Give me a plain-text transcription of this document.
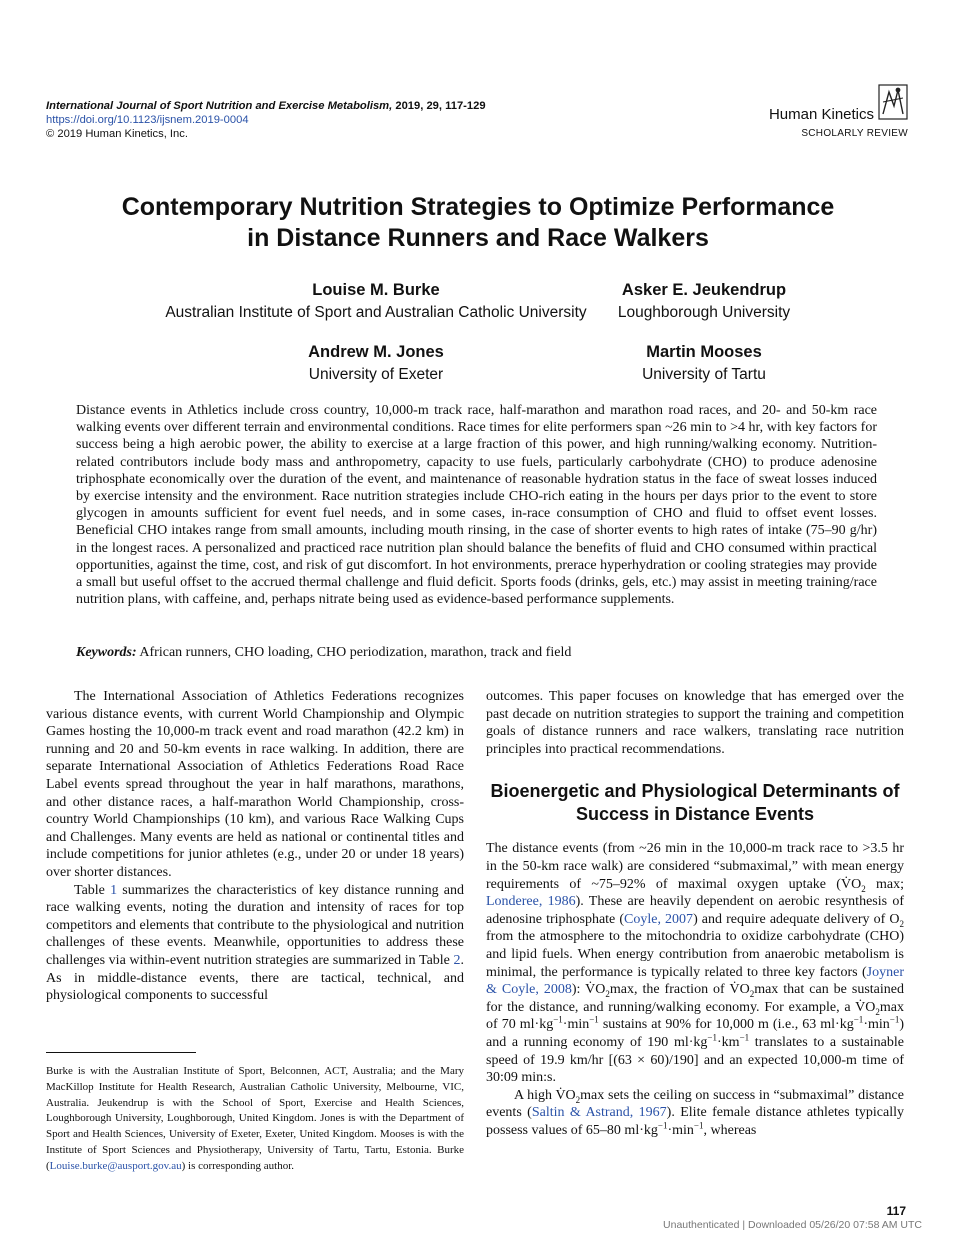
International Journal of Sport Nutrition and Exercise Metabolism, 2019, 29, 117-129
https://doi.org/10.1123/ijsnem.2019-0004
© 2019 Human Kinetics, Inc.
Human Kinetics
SCHOLARLY REVIEW
Contemporary Nutrition Strategies to Optimize Performance
in Distance Runners and Race Walkers
Louise M. Burke
Australian Institute of Sport and Australian Catholic University
Asker E. Jeukendrup
Loughborough University
Andrew M. Jones
University of Exeter
Martin Mooses
University of Tartu
Distance events in Athletics include cross country, 10,000-m track race, half-marathon and marathon road races, and 20- and 50-km race walking events over different terrain and environmental conditions. Race times for elite performers span ~26 min to >4 hr, with key factors for success being a high aerobic power, the ability to exercise at a large fraction of this power, and high running/walking economy. Nutrition-related contributors include body mass and anthropometry, capacity to use fuels, particularly carbohydrate (CHO) to produce adenosine triphosphate economically over the duration of the event, and maintenance of reasonable hydration status in the face of sweat losses induced by exercise intensity and the environment. Race nutrition strategies include CHO-rich eating in the hours per days prior to the event to store glycogen in amounts sufficient for event fuel needs, and in some cases, in-race consumption of CHO and fluid to offset event losses. Beneficial CHO intakes range from small amounts, including mouth rinsing, in the case of shorter events to high rates of intake (75–90 g/hr) in the longest races. A personalized and practiced race nutrition plan should balance the benefits of fluid and CHO consumed within practical opportunities, against the time, cost, and risk of gut discomfort. In hot environments, prerace hyperhydration or cooling strategies may provide a small but useful offset to the accrued thermal challenge and fluid deficit. Sports foods (drinks, gels, etc.) may assist in meeting training/race nutrition plans, with caffeine, and, perhaps nitrate being used as evidence-based performance supplements.
Keywords: African runners, CHO loading, CHO periodization, marathon, track and field

The International Association of Athletics Federations recognizes various distance events, with current World Championship and Olympic Games hosting the 10,000-m track event and road marathon (42.2 km) in running and 20 and 50-km events in race walking. In addition, there are separate International Association of Athletics Federations Road Race Label events spread throughout the year in half marathons, marathons, and other distance races, a half-marathon World Championship, cross-country World Championships (10 km), and various Race Walking Cups and Challenges. Many events are held as national or continental titles and include competitions for junior athletes (e.g., under 20 or under 18 years) over shorter distances.

Table 1 summarizes the characteristics of key distance running and race walking events, noting the duration and intensity of races for top competitors and elements that contribute to the physiological and nutrition challenges of these events. Meanwhile, opportunities to address these challenges via within-event nutrition strategies are summarized in Table 2. As in middle-distance events, there are tactical, technical, and physiological components to successful

outcomes. This paper focuses on knowledge that has emerged over the past decade on nutrition strategies to support the training and competition goals of distance runners and race walkers, translating race nutrition principles into practical recommendations.

Bioenergetic and Physiological Determinants of Success in Distance Events

The distance events (from ~26 min in the 10,000-m track race to >3.5 hr in the 50-km race walk) are considered “submaximal,” with mean energy requirements of ~75–92% of maximal oxygen uptake ($V̇O_2$ max; Londeree, 1986). These are heavily dependent on aerobic resynthesis of adenosine triphosphate (Coyle, 2007) and require adequate delivery of $O_2$ from the atmosphere to the mitochondria to oxidize carbohydrate (CHO) and lipid fuels. When energy contribution from anaerobic metabolism is minimal, the performance is typically related to three key factors (Joyner & Coyle, 2008): $V̇O_2\max$, the fraction of $V̇O_2\max$ that can be sustained for the distance, and running/walking economy. For example, a $V̇O_2\max$ of 70 $ml\cdot kg^{-1}\cdot\min^{-1}$ sustains at 90% for 10,000 m (i.e., 63 $ml\cdot kg^{-1}\cdot\min^{-1}$) and a running economy of 190 $ml\cdot kg^{-1}\cdot km^{-1}$ translates to a sustainable speed of 19.9 km/hr [(63 × 60)/190] and an expected 10,000-m time of 30:09 min:s.

A high $V̇O_2\max$ sets the ceiling on success in “submaximal” distance events (Saltin & Astrand, 1967). Elite female distance athletes typically possess values of 65–80 $ml\cdot kg^{-1}\cdot\min^{-1}$, whereas

Burke is with the Australian Institute of Sport, Belconnen, ACT, Australia; and the Mary MacKillop Institute for Health Research, Australian Catholic University, Melbourne, VIC, Australia. Jeukendrup is with the School of Sport, Exercise and Health Sciences, Loughborough University, Loughborough, United Kingdom. Jones is with the Department of Sport and Health Sciences, University of Exeter, Exeter, United Kingdom. Mooses is with the Institute of Sport Sciences and Physiotherapy, University of Tartu, Tartu, Estonia. Burke (Louise.burke@ausport.gov.au) is corresponding author.
117
Unauthenticated | Downloaded 05/26/20 07:58 AM UTC
